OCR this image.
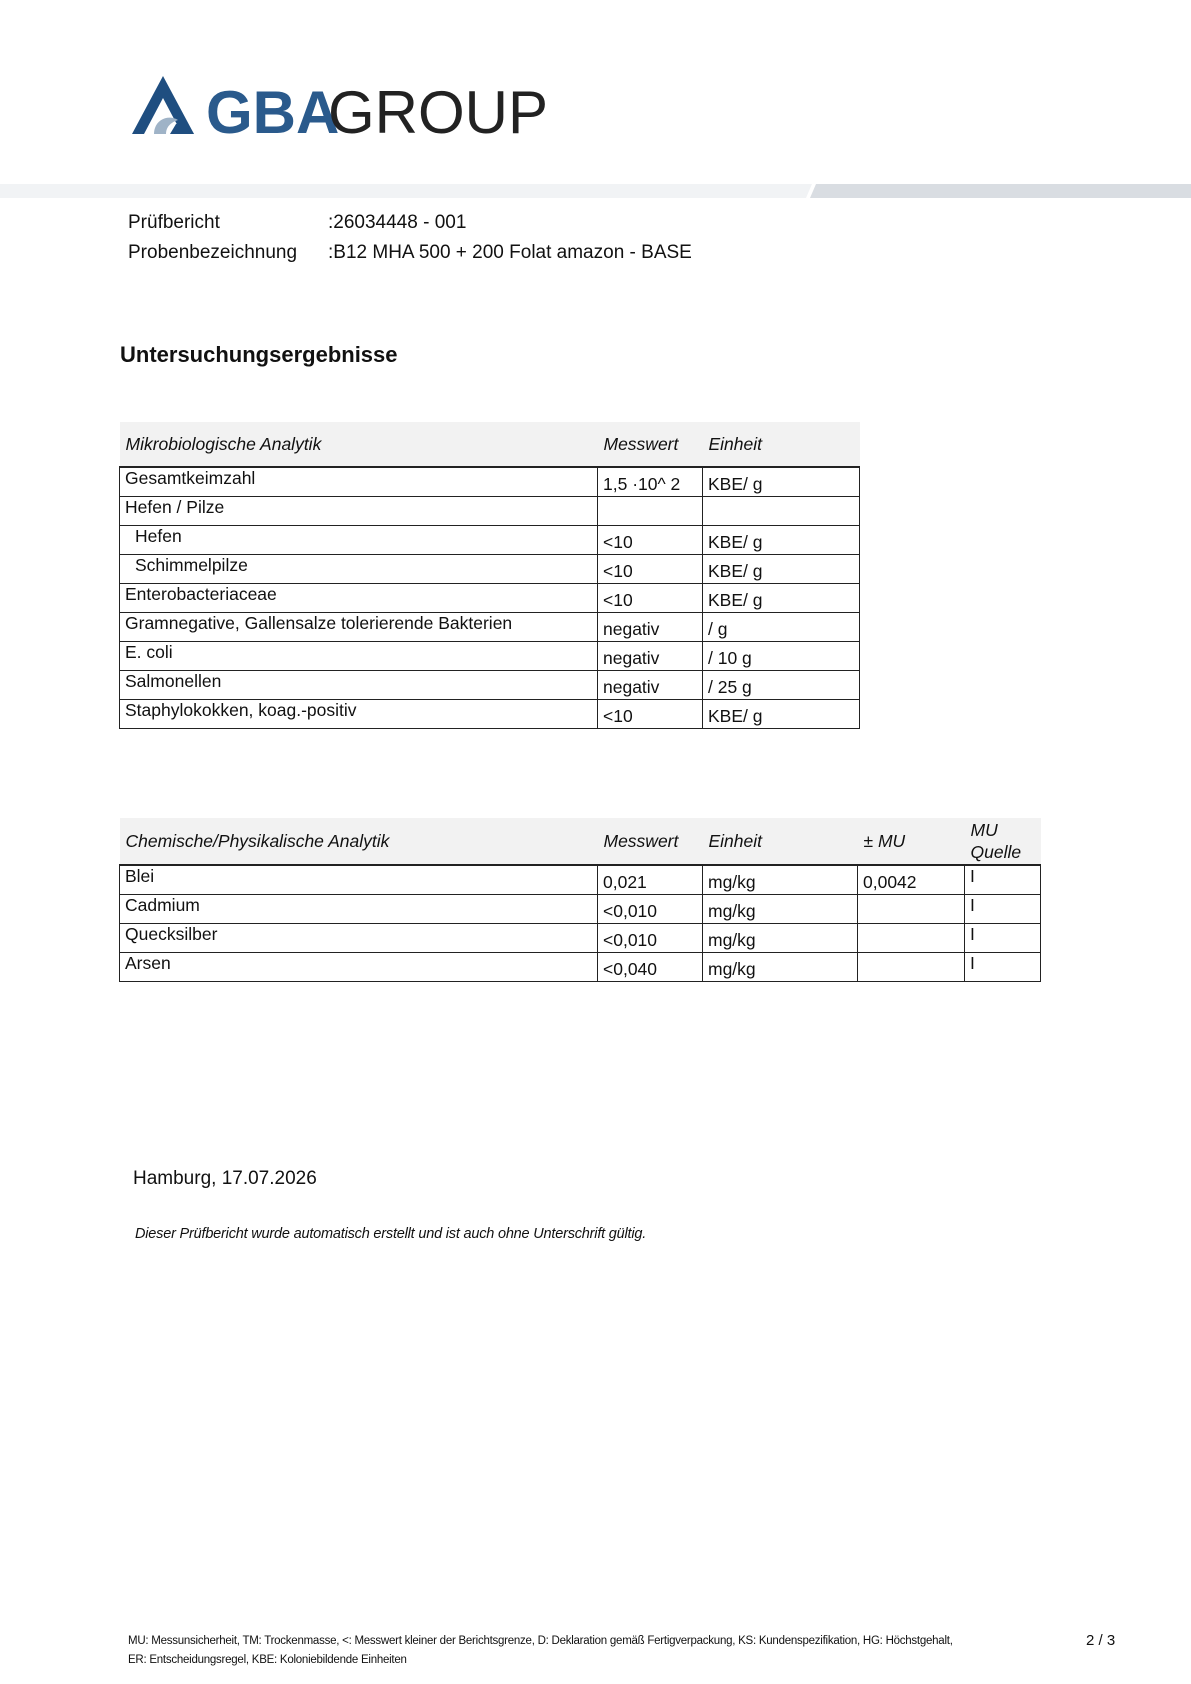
GBA
GROUP
Prüfbericht	:26034448 - 001
Probenbezeichnung :B12 MHA 500 + 200 Folat amazon - BASE
Untersuchungsergebnisse
Mikrobiologische Analytik	Messwert	Einheit
Gesamtkeimzahl	1,5 ·10^ 2	KBE/ g
Hefen / Pilze		
Hefen	<10	KBE/ g
Schimmelpilze	<10	KBE/ g
Enterobacteriaceae	<10	KBE/ g
Gramnegative, Gallensalze tolerierende Bakterien	negativ	/ g
E. coli	negativ	/ 10 g
Salmonellen	negativ	/ 25 g
Staphylokokken, koag.-positiv	<10	KBE/ g
Chemische/Physikalische Analytik	Messwert	Einheit	± MU	MU
Quelle

Blei	0,021	mg/kg	0,0042	I
Cadmium	<0,010	mg/kg		I
Quecksilber	<0,010	mg/kg		I
Arsen	<0,040	mg/kg		I
Hamburg, 17.07.2026
Dieser Prüfbericht wurde automatisch erstellt und ist auch ohne Unterschrift gültig.
MU: Messunsicherheit, TM: Trockenmasse, <: Messwert kleiner der Berichtsgrenze, D: Deklaration gemäß Fertigverpackung, KS: Kundenspezifikation, HG: Höchstgehalt,
ER: Entscheidungsregel, KBE: Koloniebildende Einheiten
2 / 3
